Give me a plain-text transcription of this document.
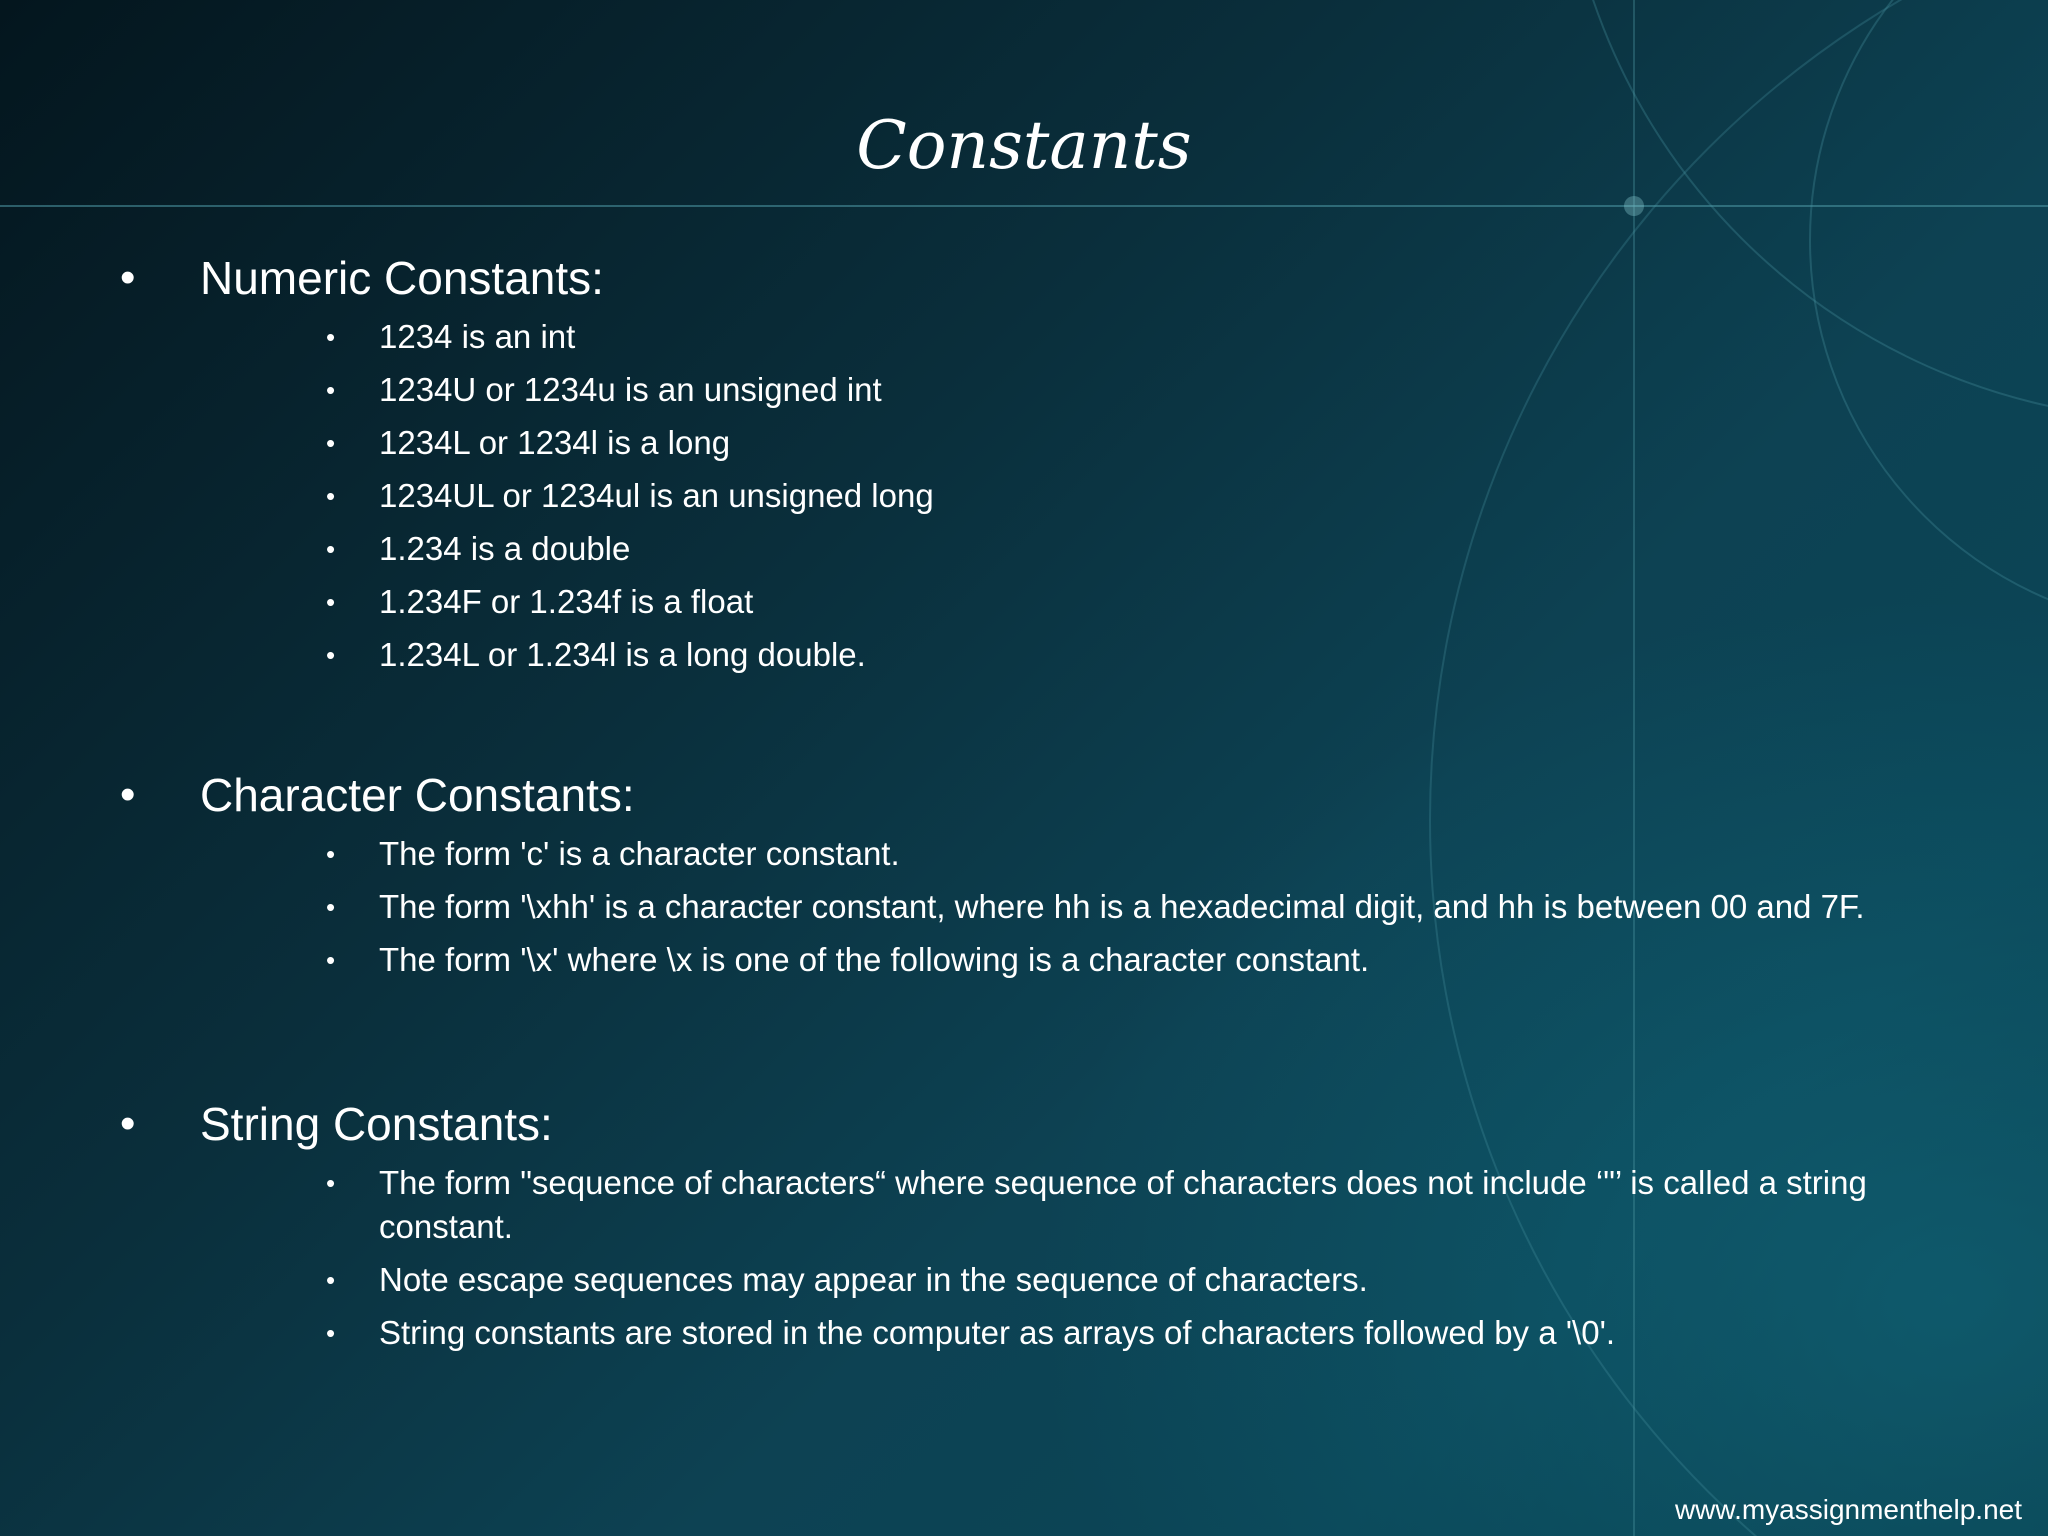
Constants
• Numeric Constants:
• 1234 is an int
• 1234U or 1234u is an unsigned int
• 1234L or 1234l is a long
• 1234UL or 1234ul is an unsigned long
• 1.234 is a double
• 1.234F or 1.234f is a float
• 1.234L or 1.234l is a long double.
• Character Constants:
• The form 'c' is a character constant.
• The form '\xhh' is a character constant, where hh is a hexadecimal digit, and hh is between 00 and 7F.
• The form '\x' where \x is one of the following is a character constant.
• String Constants:
• The form "sequence of characters“ where sequence of characters does not include ‘"’ is called a string constant.
• Note escape sequences may appear in the sequence of characters.
• String constants are stored in the computer as arrays of characters followed by a '\0'.
www.myassignmenthelp.net
